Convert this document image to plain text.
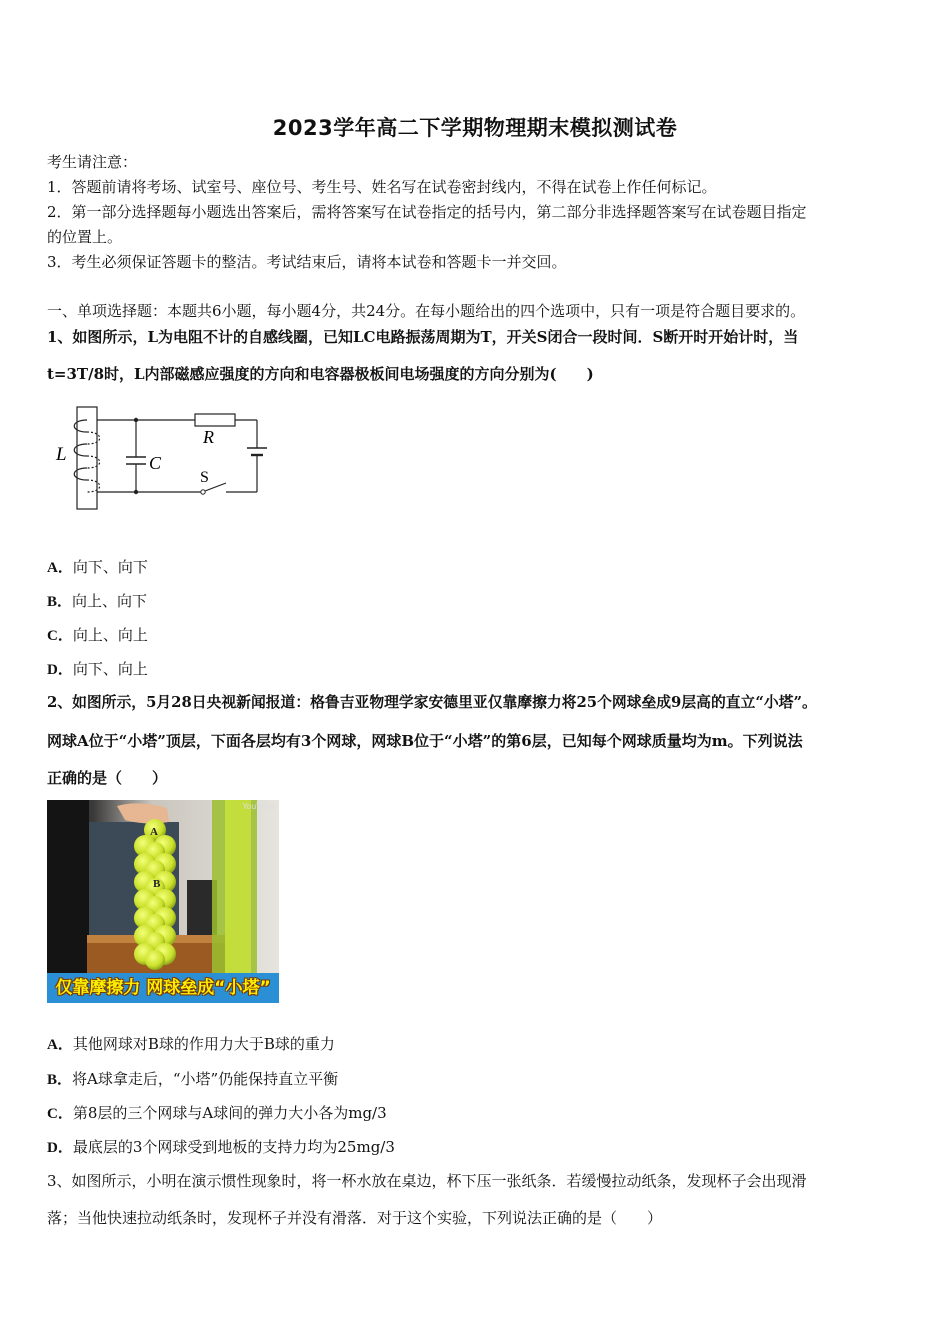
2023学年高二下学期物理期末模拟测试卷
考生请注意：
1．答题前请将考场、试室号、座位号、考生号、姓名写在试卷密封线内，不得在试卷上作任何标记。
2．第一部分选择题每小题选出答案后，需将答案写在试卷指定的括号内，第二部分非选择题答案写在试卷题目指定
的位置上。
3．考生必须保证答题卡的整洁。考试结束后，请将本试卷和答题卡一并交回。
一、单项选择题：本题共6小题，每小题4分，共24分。在每小题给出的四个选项中，只有一项是符合题目要求的。
1、如图所示，L为电阻不计的自感线圈，已知LC电路振荡周期为T，开关S闭合一段时间．S断开时开始计时，当
t=3T/8时，L内部磁感应强度的方向和电容器极板间电场强度的方向分别为(　　)
L	C
R
S
A．向下、向下
B．向上、向下
C．向上、向上
D．向下、向上
2、如图所示，5月28日央视新闻报道：格鲁吉亚物理学家安德里亚仅靠摩擦力将25个网球垒成9层高的直立“小塔”。
网球A位于“小塔”顶层，下面各层均有3个网球，网球B位于“小塔”的第6层，已知每个网球质量均为m。下列说法
正确的是（　　）
A
B
YouTube
仅靠摩擦力 网球垒成“小塔”
A．其他网球对B球的作用力大于B球的重力
B．将A球拿走后，“小塔”仍能保持直立平衡
C．第8层的三个网球与A球间的弹力大小各为mg/3
D．最底层的3个网球受到地板的支持力均为25mg/3
3、如图所示，小明在演示惯性现象时，将一杯水放在桌边，杯下压一张纸条．若缓慢拉动纸条，发现杯子会出现滑
落；当他快速拉动纸条时，发现杯子并没有滑落．对于这个实验，下列说法正确的是（　　）
